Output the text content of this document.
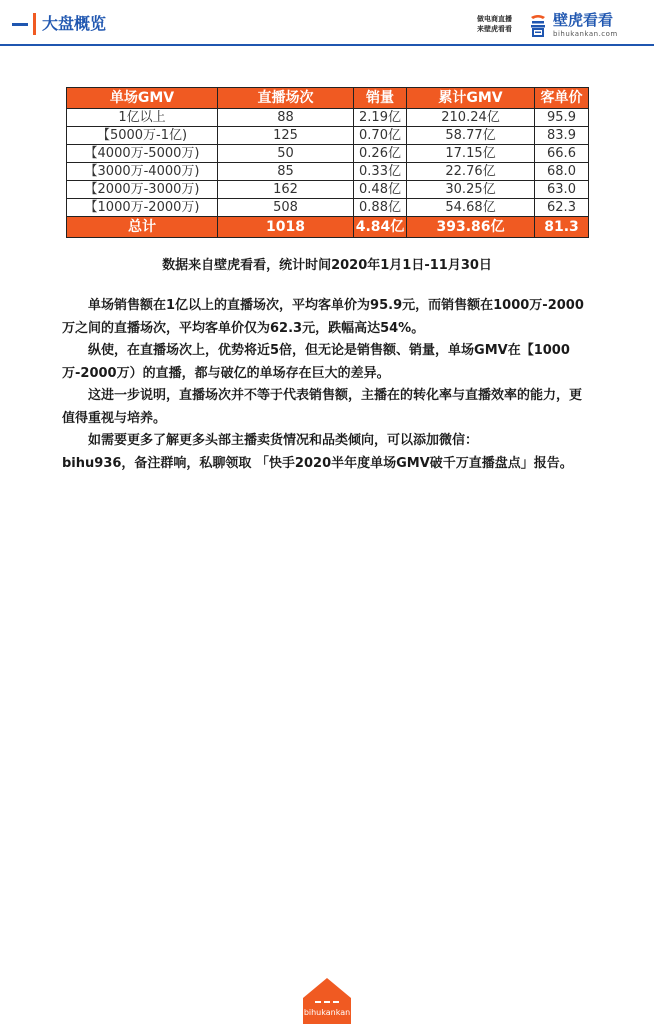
大盘概览	做电商直播
来壁虎看看	壁虎看看
bihukankan.com
单场GMV	直播场次	销量	累计GMV	客单价
1亿以上	88	2.19亿	210.24亿	95.9
【5000万-1亿)	125	0.70亿	58.77亿	83.9
【4000万-5000万)	50	0.26亿	17.15亿	66.6
【3000万-4000万)	85	0.33亿	22.76亿	68.0
【2000万-3000万)	162	0.48亿	30.25亿	63.0
【1000万-2000万)	508	0.88亿	54.68亿	62.3
总计	1018	4.84亿	393.86亿	81.3
数据来自壁虎看看，统计时间2020年1月1日-11月30日

单场销售额在1亿以上的直播场次，平均客单价为95.9元，而销售额在1000万-2000万之间的直播场次，平均客单价仅为62.3元，跌幅高达54%。

纵使，在直播场次上，优势将近5倍，但无论是销售额、销量，单场GMV在【1000万-2000万）的直播，都与破亿的单场存在巨大的差异。

这进一步说明，直播场次并不等于代表销售额，主播在的转化率与直播效率的能力，更值得重视与培养。

如需要更多了解更多头部主播卖货情况和品类倾向，可以添加微信：

bihu936，备注群响，私聊领取 「快手2020半年度单场GMV破千万直播盘点」报告。

bihukankan
